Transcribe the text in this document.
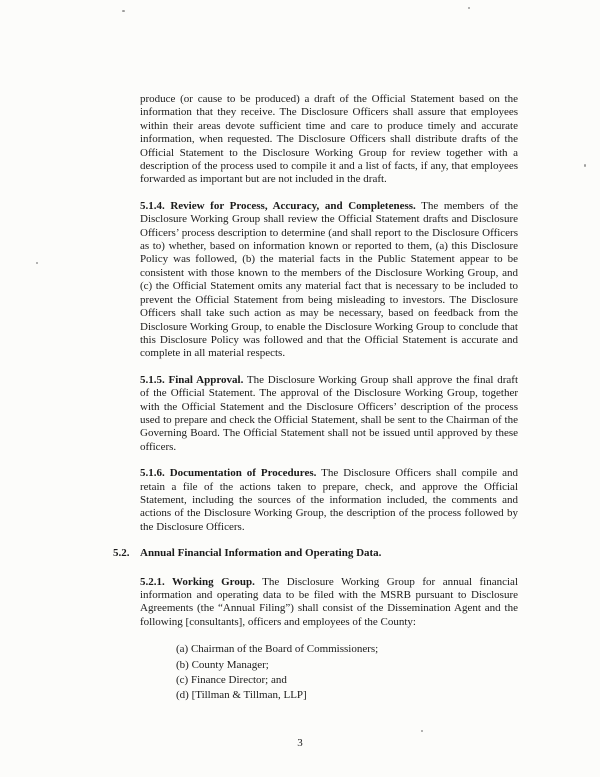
produce (or cause to be produced) a draft of the Official Statement based on the information that they receive. The Disclosure Officers shall assure that employees within their areas devote sufficient time and care to produce timely and accurate information, when requested. The Disclosure Officers shall distribute drafts of the Official Statement to the Disclosure Working Group for review together with a description of the process used to compile it and a list of facts, if any, that employees forwarded as important but are not included in the draft.

5.1.4. Review for Process, Accuracy, and Completeness. The members of the Disclosure Working Group shall review the Official Statement drafts and Disclosure Officers’ process description to determine (and shall report to the Disclosure Officers as to) whether, based on information known or reported to them, (a) this Disclosure Policy was followed, (b) the material facts in the Public Statement appear to be consistent with those known to the members of the Disclosure Working Group, and (c) the Official Statement omits any material fact that is necessary to be included to prevent the Official Statement from being misleading to investors. The Disclosure Officers shall take such action as may be necessary, based on feedback from the Disclosure Working Group, to enable the Disclosure Working Group to conclude that this Disclosure Policy was followed and that the Official Statement is accurate and complete in all material respects.

5.1.5. Final Approval. The Disclosure Working Group shall approve the final draft of the Official Statement. The approval of the Disclosure Working Group, together with the Official Statement and the Disclosure Officers’ description of the process used to prepare and check the Official Statement, shall be sent to the Chairman of the Governing Board. The Official Statement shall not be issued until approved by these officers.

5.1.6. Documentation of Procedures. The Disclosure Officers shall compile and retain a file of the actions taken to prepare, check, and approve the Official Statement, including the sources of the information included, the comments and actions of the Disclosure Working Group, the description of the process followed by the Disclosure Officers.

5.2. Annual Financial Information and Operating Data.

5.2.1. Working Group. The Disclosure Working Group for annual financial information and operating data to be filed with the MSRB pursuant to Disclosure Agreements (the “Annual Filing”) shall consist of the Dissemination Agent and the following [consultants], officers and employees of the County:

(a) Chairman of the Board of Commissioners;
(b) County Manager;
(c) Finance Director; and
(d) [Tillman & Tillman, LLP]
3
